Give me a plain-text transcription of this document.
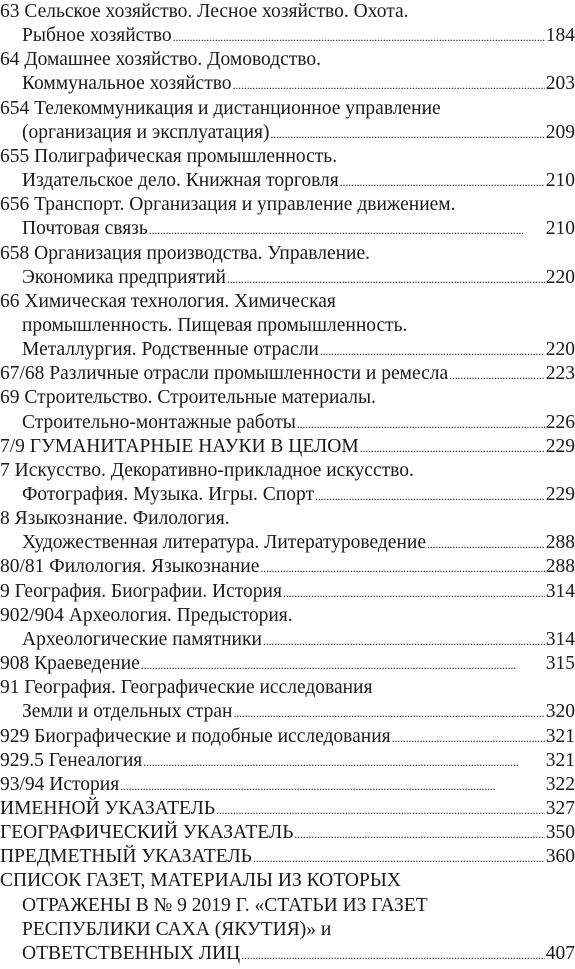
63 Сельское хозяйство. Лесное хозяйство. Охота.
Рыбное хозяйство . . .	184
64 Домашнее хозяйство. Домоводство.
Коммунальное хозяйство . . .	203
654 Телекоммуникация и дистанционное управление
(организация и эксплуатация) . . .	209
655 Полиграфическая промышленность.
Издательское дело. Книжная торговля . . .	210
656 Транспорт. Организация и управление движением.
Почтовая связь . . .	210
658 Организация производства. Управление.
Экономика предприятий . . .	220
66 Химическая технология. Химическая
промышленность. Пищевая промышленность.
Металлургия. Родственные отрасли . . .	220
67/68 Различные отрасли промышленности и ремесла . . .	223
69 Строительство. Строительные материалы.
Строительно-монтажные работы . . .	226
7/9 ГУМАНИТАРНЫЕ НАУКИ В ЦЕЛОМ . . .	229
7 Искусство. Декоративно-прикладное искусство.
Фотография. Музыка. Игры. Спорт . . .	229
8 Языкознание. Филология.
Художественная литература. Литературоведение . . .	288
80/81 Филология. Языкознание . . .	288
9 География. Биографии. История . . .	314
902/904 Археология. Предыстория.
Археологические памятники . . .	314
908 Краеведение . . .	315
91 География. Географические исследования
Земли и отдельных стран . . .	320
929 Биографические и подобные исследования . . .	321
929.5 Генеалогия . . .	321
93/94 История . . .	322
ИМЕННОЙ УКАЗАТЕЛЬ . . .	327
ГЕОГРАФИЧЕСКИЙ УКАЗАТЕЛЬ . . .	350
ПРЕДМЕТНЫЙ УКАЗАТЕЛЬ . . .	360
СПИСОК ГАЗЕТ, МАТЕРИАЛЫ ИЗ КОТОРЫХ
ОТРАЖЕНЫ В № 9 2019 Г. «СТАТЬИ ИЗ ГАЗЕТ
РЕСПУБЛИКИ САХА (ЯКУТИЯ)» и
ОТВЕТСТВЕННЫХ ЛИЦ . . .	407
